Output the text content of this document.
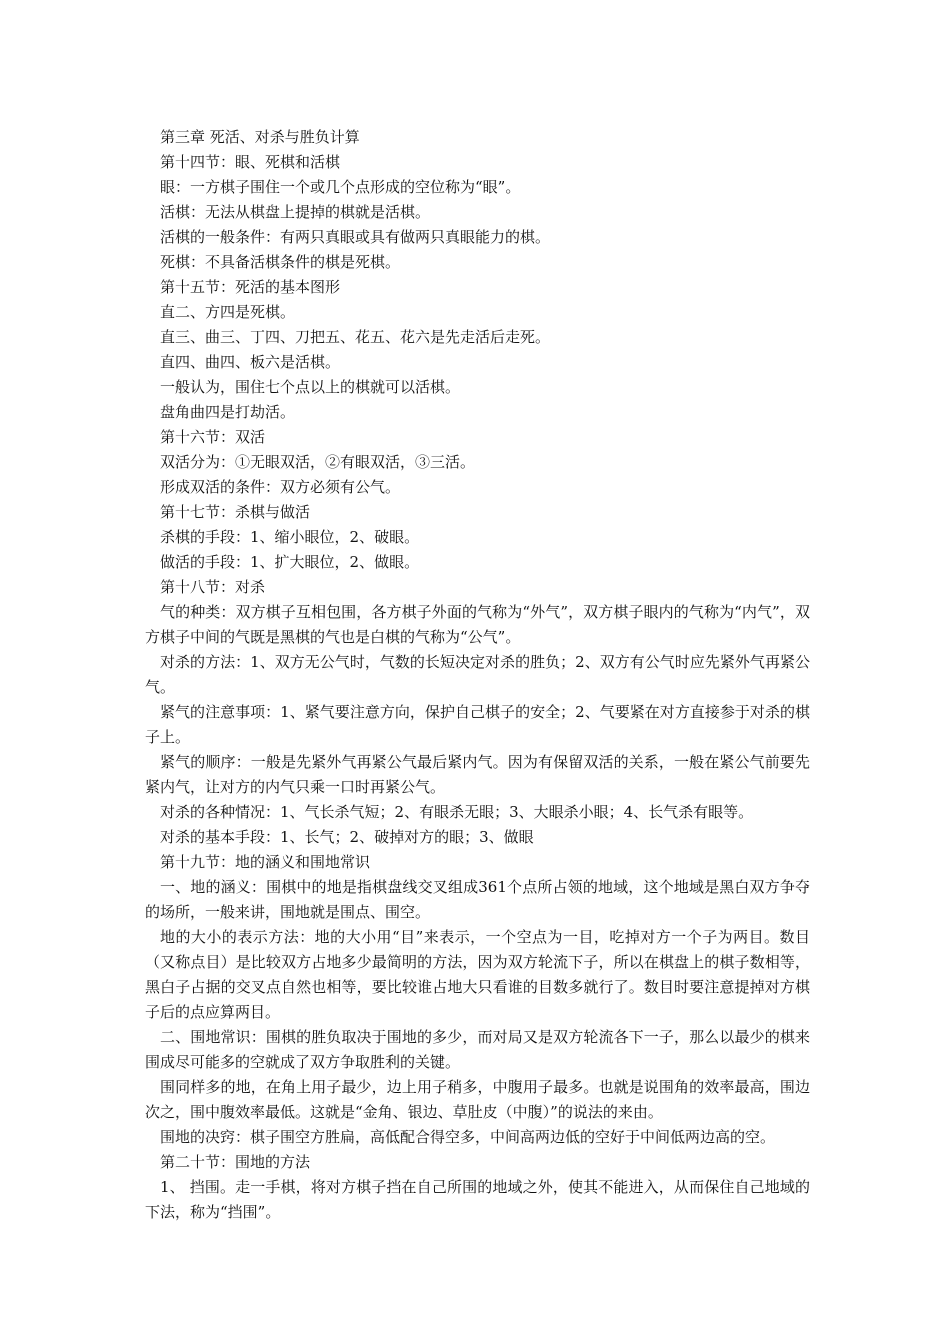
第三章 死活、对杀与胜负计算

第十四节：眼、死棋和活棋

眼：一方棋子围住一个或几个点形成的空位称为“眼”。

活棋：无法从棋盘上提掉的棋就是活棋。

活棋的一般条件：有两只真眼或具有做两只真眼能力的棋。

死棋：不具备活棋条件的棋是死棋。

第十五节：死活的基本图形

直二、方四是死棋。

直三、曲三、丁四、刀把五、花五、花六是先走活后走死。

直四、曲四、板六是活棋。

一般认为，围住七个点以上的棋就可以活棋。

盘角曲四是打劫活。

第十六节：双活

双活分为：①无眼双活，②有眼双活，③三活。

形成双活的条件：双方必须有公气。

第十七节：杀棋与做活

杀棋的手段：1、缩小眼位，2、破眼。

做活的手段：1、扩大眼位，2、做眼。

第十八节：对杀

气的种类：双方棋子互相包围，各方棋子外面的气称为“外气”，双方棋子眼内的气称为“内气”，双方棋子中间的气既是黑棋的气也是白棋的气称为“公气”。

对杀的方法：1、双方无公气时，气数的长短决定对杀的胜负；2、双方有公气时应先紧外气再紧公气。

紧气的注意事项：1、紧气要注意方向，保护自己棋子的安全；2、气要紧在对方直接参于对杀的棋子上。

紧气的顺序：一般是先紧外气再紧公气最后紧内气。因为有保留双活的关系，一般在紧公气前要先紧内气，让对方的内气只乘一口时再紧公气。

对杀的各种情况：1、气长杀气短；2、有眼杀无眼；3、大眼杀小眼；4、长气杀有眼等。

对杀的基本手段：1、长气；2、破掉对方的眼；3、做眼

第十九节：地的涵义和围地常识

一、地的涵义：围棋中的地是指棋盘线交叉组成361个点所占领的地域，这个地域是黑白双方争夺的场所，一般来讲，围地就是围点、围空。

地的大小的表示方法：地的大小用“目”来表示，一个空点为一目，吃掉对方一个子为两目。数目（又称点目）是比较双方占地多少最简明的方法，因为双方轮流下子，所以在棋盘上的棋子数相等，黑白子占据的交叉点自然也相等，要比较谁占地大只看谁的目数多就行了。数目时要注意提掉对方棋子后的点应算两目。

二、围地常识：围棋的胜负取决于围地的多少，而对局又是双方轮流各下一子，那么以最少的棋来围成尽可能多的空就成了双方争取胜利的关键。

围同样多的地，在角上用子最少，边上用子稍多，中腹用子最多。也就是说围角的效率最高，围边次之，围中腹效率最低。这就是“金角、银边、草肚皮（中腹）”的说法的来由。

围地的决窍：棋子围空方胜扁，高低配合得空多，中间高两边低的空好于中间低两边高的空。

第二十节：围地的方法

1、 挡围。走一手棋，将对方棋子挡在自己所围的地域之外，使其不能进入，从而保住自己地域的下法，称为“挡围”。
